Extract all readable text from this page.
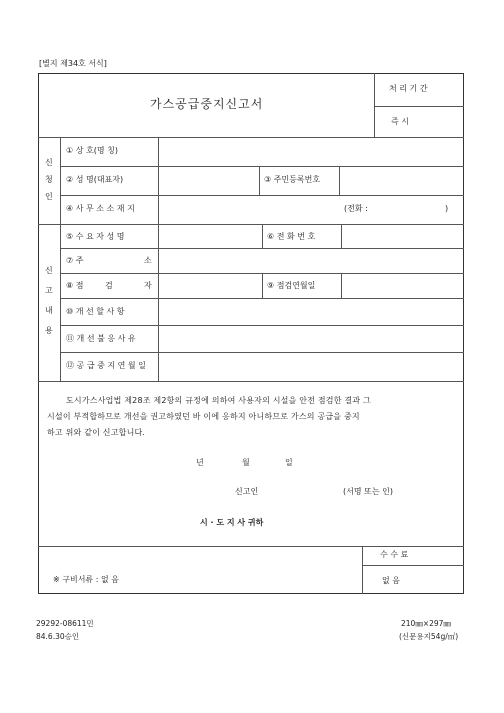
[별지 제34호 서식]
가스공급중지신고서
처 리 기 간
즉 시
신
청
인
① 상 호(명 칭)
② 성 명(대표자)	③ 주민등록번호
④ 사 무 소 소 재 지	(전화 :	)
신
고
내
용
⑤ 수 요 자 성 명	⑥ 전 화 번 호
⑦ 주	소
⑧ 점	검	자	⑨ 점검연월일
⑩ 개 선 할 사 항
⑪ 개 선 불 응 사 유
⑫ 공 급 중 지 연 월 일
도시가스사업법 제28조 제2항의 규정에 의하여 사용자의 시설을 안전 점검한 결과 그
시설이 부적합하므로 개선을 권고하였던 바 이에 응하지 아니하므로 가스의 공급을 중지
하고 위와 같이 신고합니다.
년	월	일
신고인	(서명 또는 인)
시 · 도 지 사 귀하
※ 구비서류 : 없 음
수 수 료
없 음
29292-08611민
84.6.30승인
210㎜×297㎜
(신문용지54g/㎡)
